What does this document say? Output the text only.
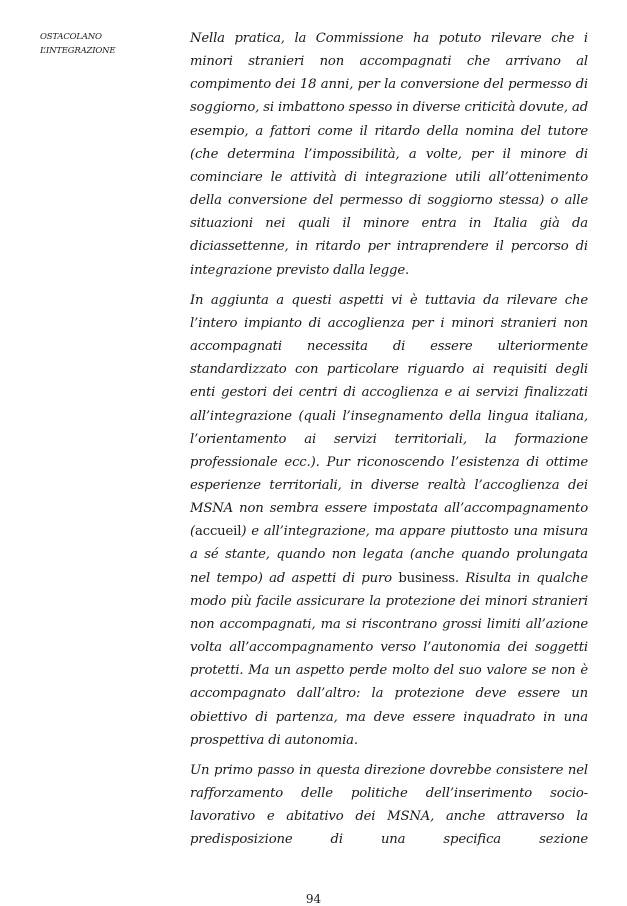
OSTACOLANO
L’INTEGRAZIONE

Nella pratica, la Commissione ha potuto rilevare che i minori stranieri non accompagnati che arrivano al compimento dei 18 anni, per la conversione del permesso di soggiorno, si imbattono spesso in diverse criticità dovute, ad esempio, a fattori come il ritardo della nomina del tutore (che determina l’impossibilità, a volte, per il minore di cominciare le attività di integrazione utili all’ottenimento della conversione del permesso di soggiorno stessa) o alle situazioni nei quali il minore entra in Italia già da diciassettenne, in ritardo per intraprendere il percorso di integrazione previsto dalla legge.

In aggiunta a questi aspetti vi è tuttavia da rilevare che l’intero impianto di accoglienza per i minori stranieri non accompagnati necessita di essere ulteriormente standardizzato con particolare riguardo ai requisiti degli enti gestori dei centri di accoglienza e ai servizi finalizzati all’integrazione (quali l’insegnamento della lingua italiana, l’orientamento ai servizi territoriali, la formazione professionale ecc.). Pur riconoscendo l’esistenza di ottime esperienze territoriali, in diverse realtà l’accoglienza dei MSNA non sembra essere impostata all’accompagnamento (accueil) e all’integrazione, ma appare piuttosto una misura a sé stante, quando non legata (anche quando prolungata nel tempo) ad aspetti di puro business. Risulta in qualche modo più facile assicurare la protezione dei minori stranieri non accompagnati, ma si riscontrano grossi limiti all’azione volta all’accompagnamento verso l’autonomia dei soggetti protetti. Ma un aspetto perde molto del suo valore se non è accompagnato dall’altro: la protezione deve essere un obiettivo di partenza, ma deve essere inquadrato in una prospettiva di autonomia.

Un primo passo in questa direzione dovrebbe consistere nel rafforzamento delle politiche dell’inserimento socio-lavorativo e abitativo dei MSNA, anche attraverso la predisposizione di una specifica sezione

94
